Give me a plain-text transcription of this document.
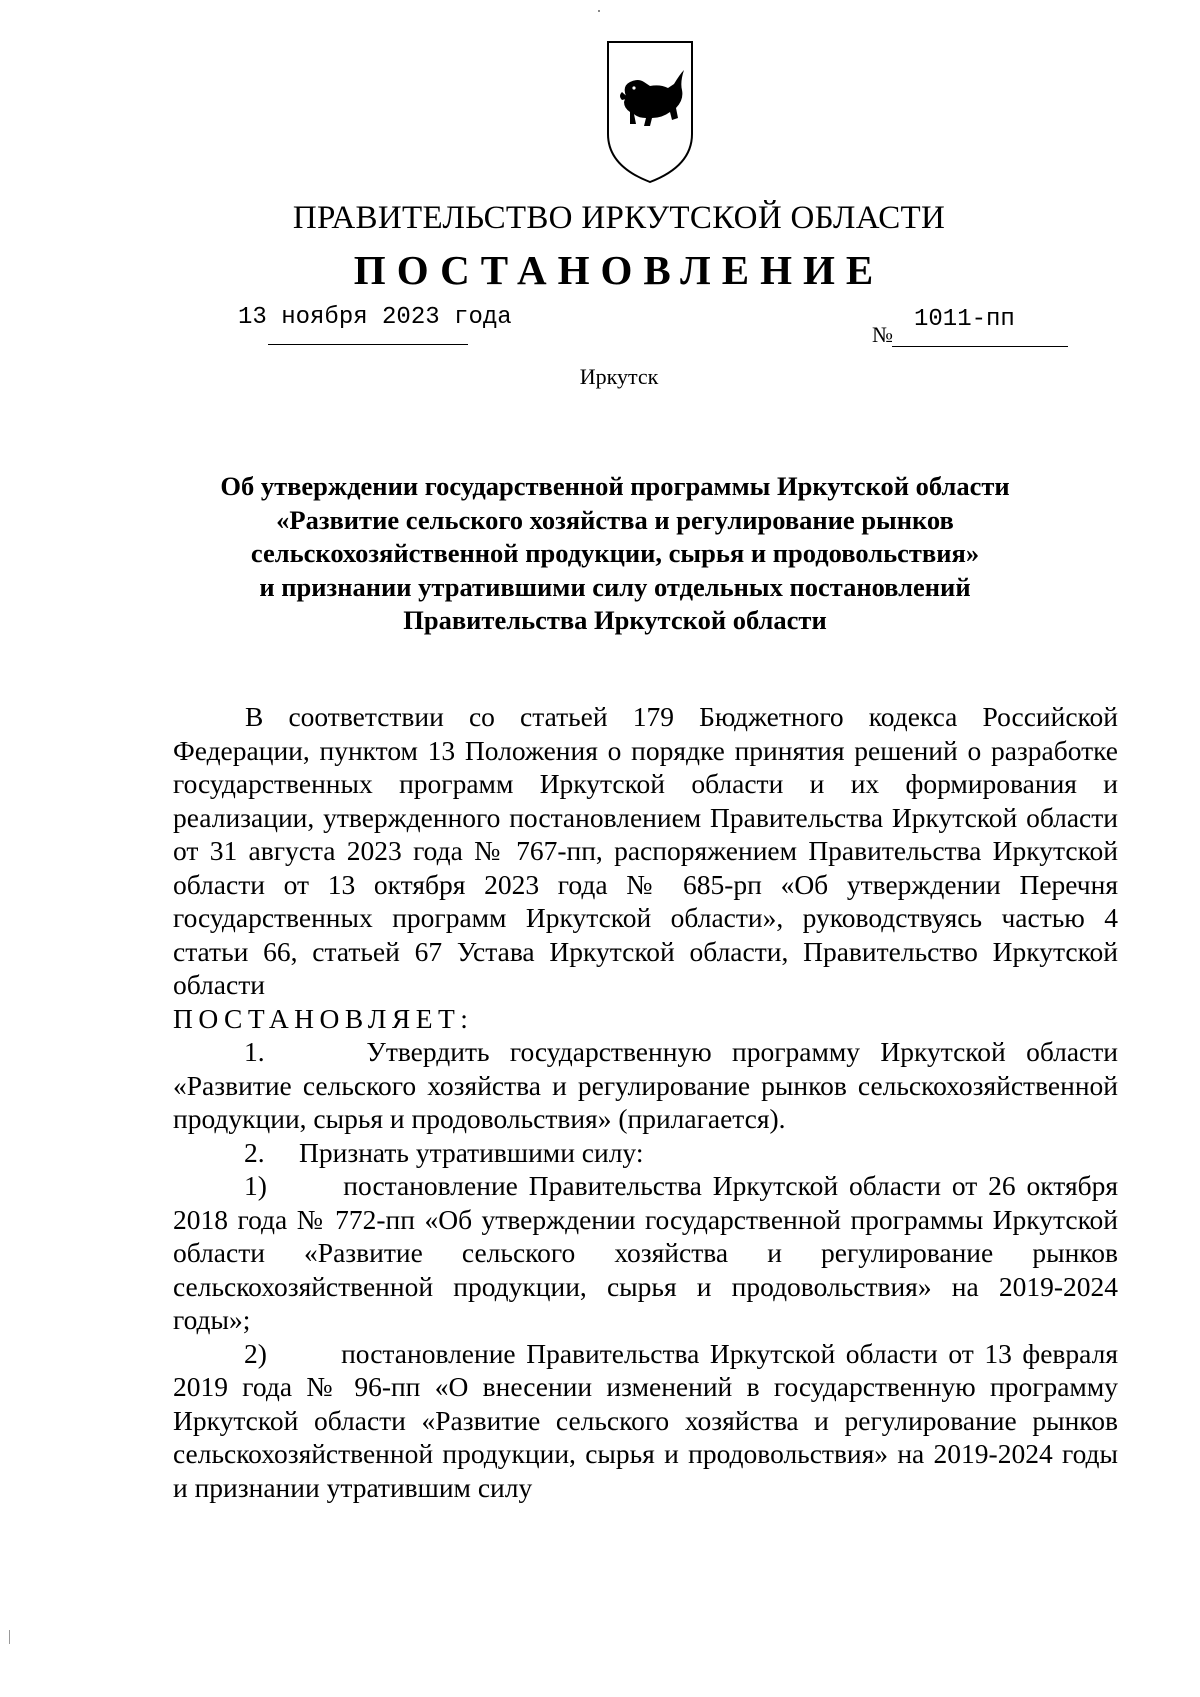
ПРАВИТЕЛЬСТВО ИРКУТСКОЙ ОБЛАСТИ
ПОСТАНОВЛЕНИЕ
13 ноября 2023 года
№
1011-пп
Иркутск
Об утверждении государственной программы Иркутской области
«Развитие сельского хозяйства и регулирование рынков
сельскохозяйственной продукции, сырья и продовольствия»
и признании утратившими силу отдельных постановлений
Правительства Иркутской области

В соответствии со статьей 179 Бюджетного кодекса Российской Федерации, пунктом 13 Положения о порядке принятия решений о разработке государственных программ Иркутской области и их формирования и реализации, утвержденного постановлением Правительства Иркутской области от 31 августа 2023 года № 767-пп, распоряжением Правительства Иркутской области от 13 октября 2023 года № 685-рп «Об утверждении Перечня государственных программ Иркутской области», руководствуясь частью 4 статьи 66, статьей 67 Устава Иркутской области, Правительство Иркутской области

ПОСТАНОВЛЯЕТ:

1.     Утвердить государственную программу Иркутской области «Развитие сельского хозяйства и регулирование рынков сельскохозяйственной продукции, сырья и продовольствия» (прилагается).

2.     Признать утратившими силу:

1)       постановление Правительства Иркутской области от 26 октября 2018 года № 772-пп «Об утверждении государственной программы Иркутской области «Развитие сельского хозяйства и регулирование рынков сельскохозяйственной продукции, сырья и продовольствия» на 2019-2024 годы»;

2)       постановление Правительства Иркутской области от 13 февраля 2019 года № 96-пп «О внесении изменений в государственную программу Иркутской области «Развитие сельского хозяйства и регулирование рынков сельскохозяйственной продукции, сырья и продовольствия» на 2019-2024 годы и признании утратившим силу
